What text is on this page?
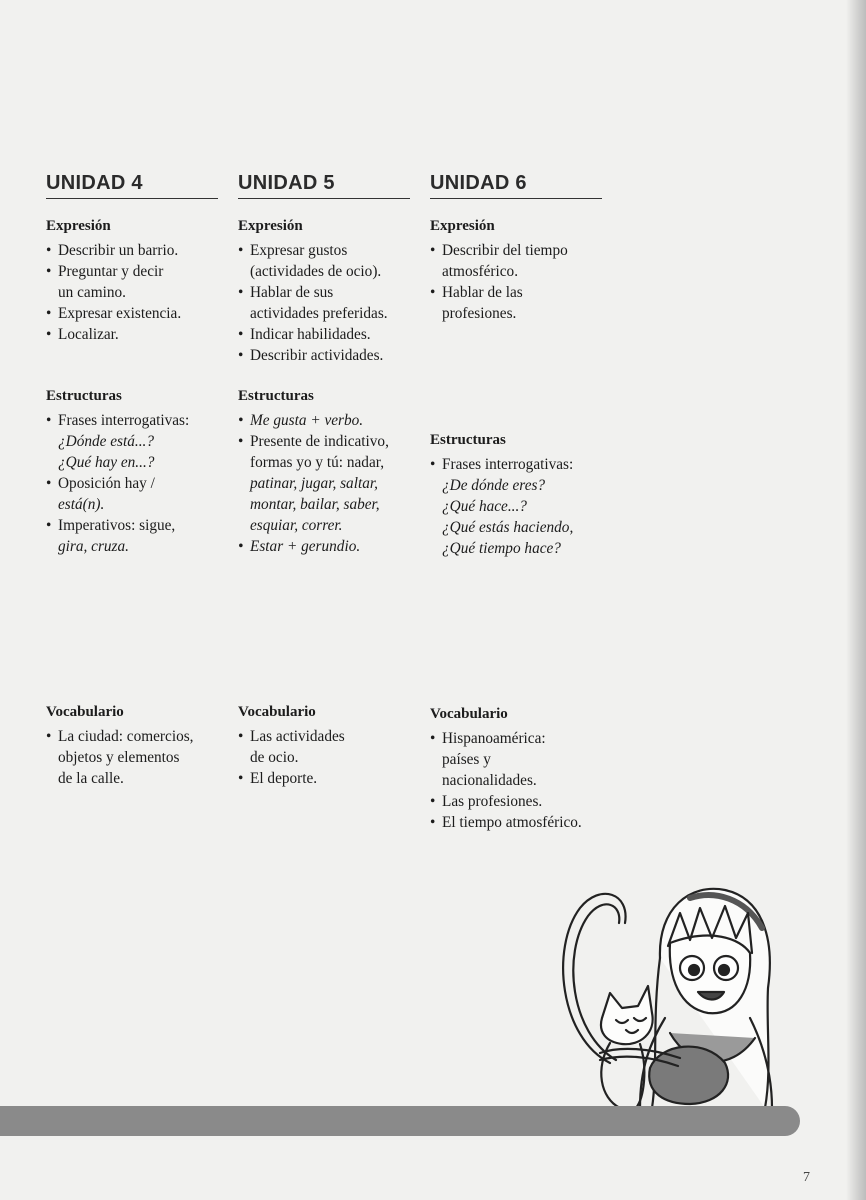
UNIDAD 4
Expresión
• Describir un barrio.
• Preguntar y decir
un camino.
• Expresar existencia.
• Localizar.
Estructuras
• Frases interrogativas:
¿Dónde está...?
¿Qué hay en...?
• Oposición hay /
está(n).
• Imperativos: sigue,
gira, cruza.
Vocabulario
• La ciudad: comercios,
objetos y elementos
de la calle.
UNIDAD 5
Expresión
• Expresar gustos
(actividades de ocio).
• Hablar de sus
actividades preferidas.
• Indicar habilidades.
• Describir actividades.
Estructuras
• Me gusta + verbo.
• Presente de indicativo,
formas yo y tú: nadar,
patinar, jugar, saltar,
montar, bailar, saber,
esquiar, correr.
• Estar + gerundio.
Vocabulario
• Las actividades
de ocio.
• El deporte.
UNIDAD 6
Expresión
• Describir del tiempo
atmosférico.
• Hablar de las
profesiones.
Estructuras
• Frases interrogativas:
¿De dónde eres?
¿Qué hace...?
¿Qué estás haciendo,
¿Qué tiempo hace?
Vocabulario
• Hispanoamérica:
países y
nacionalidades.
• Las profesiones.
• El tiempo atmosférico.
7
